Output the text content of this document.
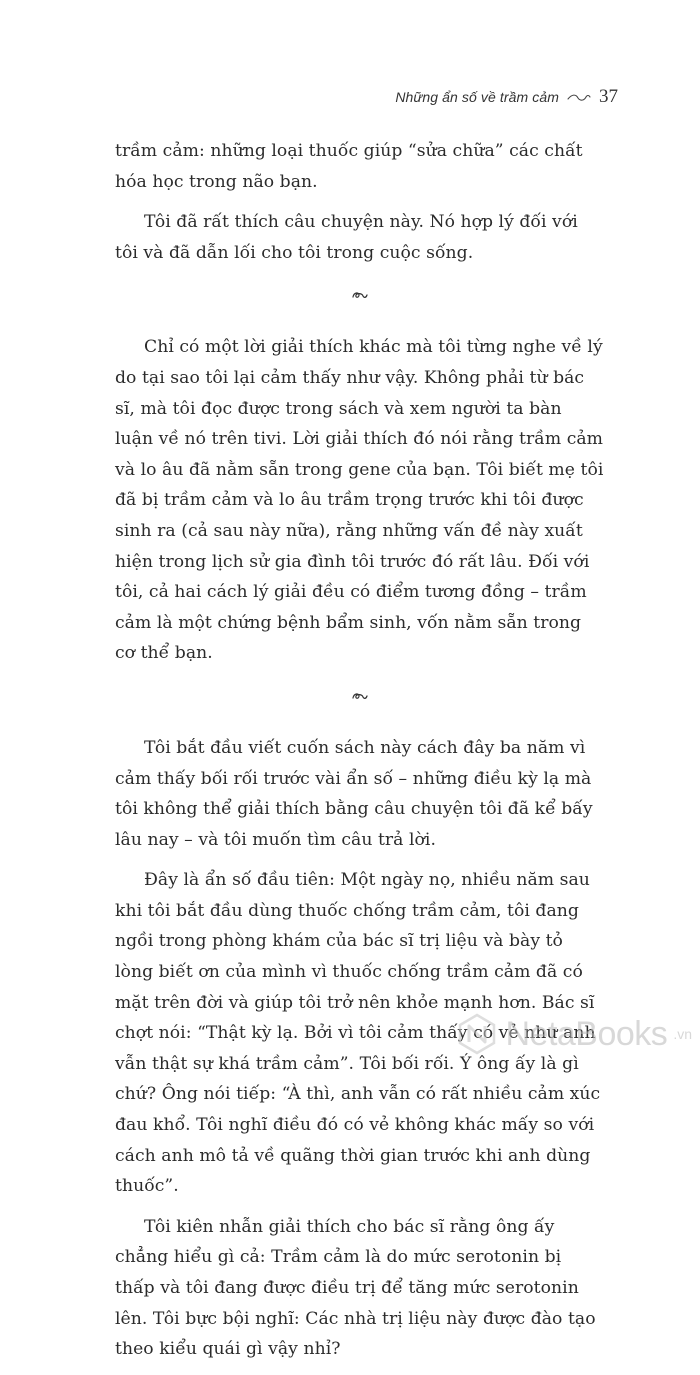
Những ẩn số về trầm cảm 37

trầm cảm: những loại thuốc giúp “sửa chữa” các chất hóa học trong não bạn.

Tôi đã rất thích câu chuyện này. Nó hợp lý đối với tôi và đã dẫn lối cho tôi trong cuộc sống.

Chỉ có một lời giải thích khác mà tôi từng nghe về lý do tại sao tôi lại cảm thấy như vậy. Không phải từ bác sĩ, mà tôi đọc được trong sách và xem người ta bàn luận về nó trên tivi. Lời giải thích đó nói rằng trầm cảm và lo âu đã nằm sẵn trong gene của bạn. Tôi biết mẹ tôi đã bị trầm cảm và lo âu trầm trọng trước khi tôi được sinh ra (cả sau này nữa), rằng những vấn đề này xuất hiện trong lịch sử gia đình tôi trước đó rất lâu. Đối với tôi, cả hai cách lý giải đều có điểm tương đồng – trầm cảm là một chứng bệnh bẩm sinh, vốn nằm sẵn trong cơ thể bạn.

Tôi bắt đầu viết cuốn sách này cách đây ba năm vì cảm thấy bối rối trước vài ẩn số – những điều kỳ lạ mà tôi không thể giải thích bằng câu chuyện tôi đã kể bấy lâu nay – và tôi muốn tìm câu trả lời.

Đây là ẩn số đầu tiên: Một ngày nọ, nhiều năm sau khi tôi bắt đầu dùng thuốc chống trầm cảm, tôi đang ngồi trong phòng khám của bác sĩ trị liệu và bày tỏ lòng biết ơn của mình vì thuốc chống trầm cảm đã có mặt trên đời và giúp tôi trở nên khỏe mạnh hơn. Bác sĩ chợt nói: “Thật kỳ lạ. Bởi vì tôi cảm thấy có vẻ như anh vẫn thật sự khá trầm cảm”. Tôi bối rối. Ý ông ấy là gì chứ? Ông nói tiếp: “À thì, anh vẫn có rất nhiều cảm xúc đau khổ. Tôi nghĩ điều đó có vẻ không khác mấy so với cách anh mô tả về quãng thời gian trước khi anh dùng thuốc”.

Tôi kiên nhẫn giải thích cho bác sĩ rằng ông ấy chẳng hiểu gì cả: Trầm cảm là do mức serotonin bị thấp và tôi đang được điều trị để tăng mức serotonin lên. Tôi bực bội nghĩ: Các nhà trị liệu này được đào tạo theo kiểu quái gì vậy nhỉ?

NetaBooks .vn
